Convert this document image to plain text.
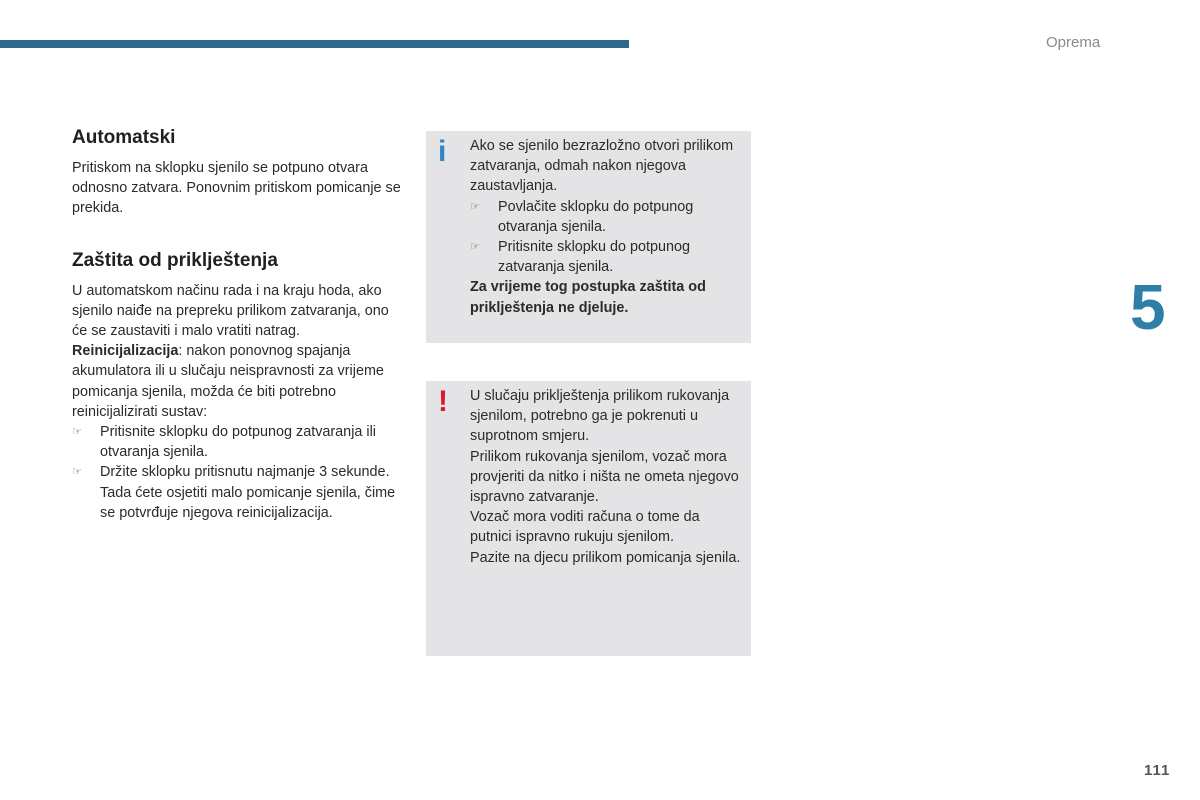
Oprema
5
Automatski

Pritiskom na sklopku sjenilo se potpuno otvara odnosno zatvara. Ponovnim pritiskom pomicanje se prekida.

Zaštita od priklještenja

U automatskom načinu rada i na kraju hoda, ako sjenilo naiđe na prepreku prilikom zatvaranja, ono će se zaustaviti i malo vratiti natrag.

Reinicijalizacija: nakon ponovnog spajanja akumulatora ili u slučaju neispravnosti za vrijeme pomicanja sjenila, možda će biti potrebno reinicijalizirati sustav:

☞ Pritisnite sklopku do potpunog zatvaranja ili otvaranja sjenila.
☞ Držite sklopku pritisnutu najmanje 3 sekunde. Tada ćete osjetiti malo pomicanje sjenila, čime se potvrđuje njegova reinicijalizacija.
i Ako se sjenilo bezrazložno otvori prilikom zatvaranja, odmah nakon njegova zaustavljanja.

☞ Povlačite sklopku do potpunog otvaranja sjenila.
☞ Pritisnite sklopku do potpunog zatvaranja sjenila.

Za vrijeme tog postupka zaštita od priklještenja ne djeluje.

! U slučaju priklještenja prilikom rukovanja sjenilom, potrebno ga je pokrenuti u suprotnom smjeru.

Prilikom rukovanja sjenilom, vozač mora provjeriti da nitko i ništa ne ometa njegovo ispravno zatvaranje.

Vozač mora voditi računa o tome da putnici ispravno rukuju sjenilom.

Pazite na djecu prilikom pomicanja sjenila.

111
